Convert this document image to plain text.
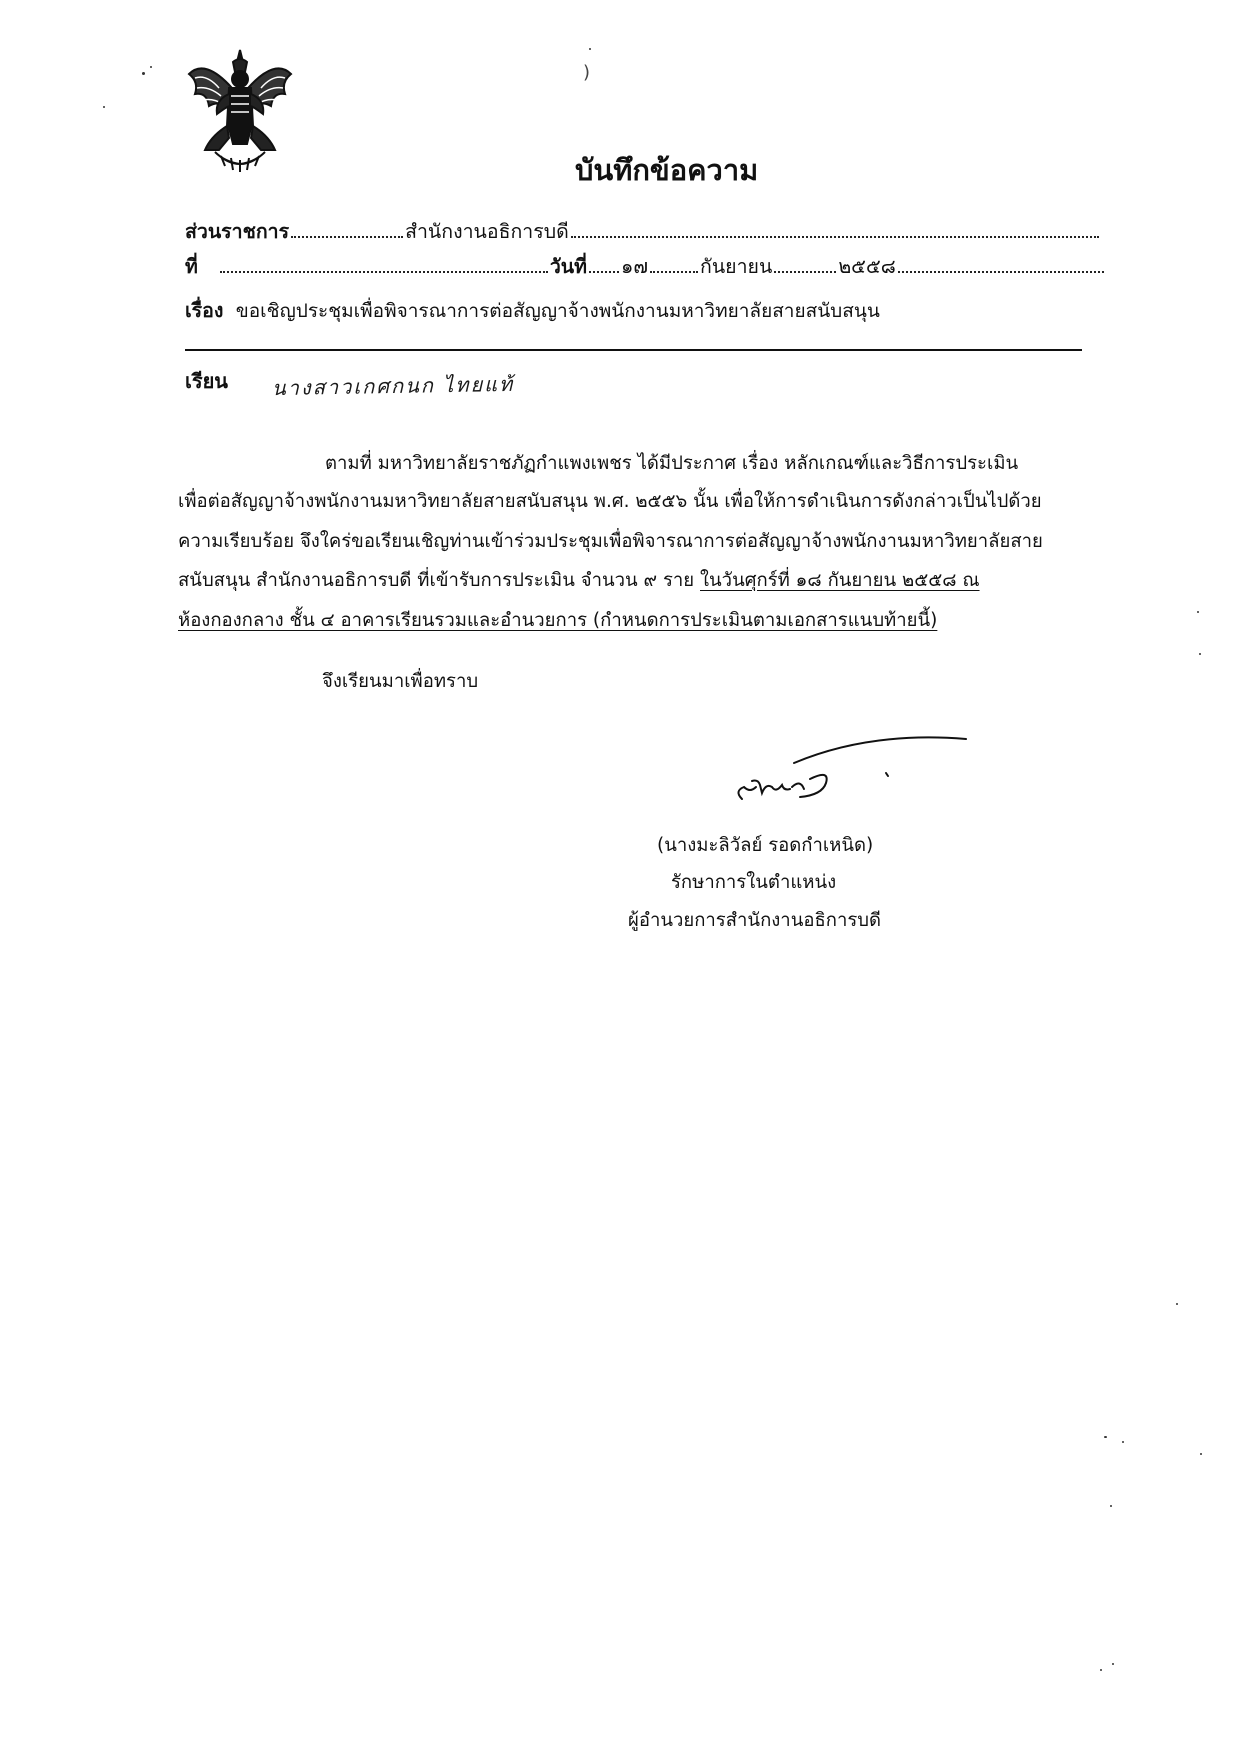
)
บันทึกข้อความ
ส่วนราชการ	สำนักงานอธิการบดี
ที่	วันที่ ๑๗	กันยายน	๒๕๕๘
เรื่อง ขอเชิญประชุมเพื่อพิจารณาการต่อสัญญาจ้างพนักงานมหาวิทยาลัยสายสนับสนุน
เรียน นางสาวเกศกนก ไทยแท้
ตามที่ มหาวิทยาลัยราชภัฏกำแพงเพชร ได้มีประกาศ เรื่อง หลักเกณฑ์และวิธีการประเมิน
เพื่อต่อสัญญาจ้างพนักงานมหาวิทยาลัยสายสนับสนุน พ.ศ. ๒๕๕๖ นั้น เพื่อให้การดำเนินการดังกล่าวเป็นไปด้วย
ความเรียบร้อย จึงใคร่ขอเรียนเชิญท่านเข้าร่วมประชุมเพื่อพิจารณาการต่อสัญญาจ้างพนักงานมหาวิทยาลัยสาย
สนับสนุน สำนักงานอธิการบดี ที่เข้ารับการประเมิน จำนวน ๙ ราย ในวันศุกร์ที่ ๑๘ กันยายน ๒๕๕๘ ณ
ห้องกองกลาง ชั้น ๔ อาคารเรียนรวมและอำนวยการ (กำหนดการประเมินตามเอกสารแนบท้ายนี้)
จึงเรียนมาเพื่อทราบ
(นางมะลิวัลย์ รอดกำเหนิด)
รักษาการในตำแหน่ง
ผู้อำนวยการสำนักงานอธิการบดี
